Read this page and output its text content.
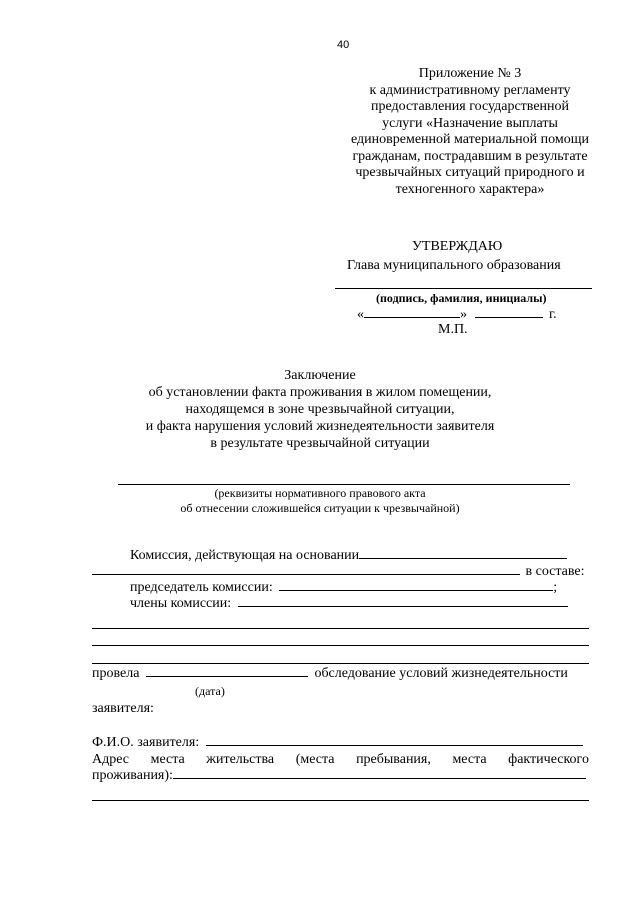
40
Приложение № 3
к административному регламенту
предоставления государственной
услуги «Назначение выплаты
единовременной материальной помощи
гражданам, пострадавшим в результате
чрезвычайных ситуаций природного и
техногенного характера»
УТВЕРЖДАЮ
Глава муниципального образования
(подпись, фамилия, инициалы)
«	»	г.
М.П.
Заключение
об установлении факта проживания в жилом помещении,
находящемся в зоне чрезвычайной ситуации,
и факта нарушения условий жизнедеятельности заявителя
в результате чрезвычайной ситуации
(реквизиты нормативного правового акта
об отнесении сложившейся ситуации к чрезвычайной)
Комиссия, действующая на основании
в составе:
председатель комиссии:	;
члены комиссии:
провела	обследование условий жизнедеятельности
(дата)
заявителя:
Ф.И.О. заявителя:
Адрес места жительства (места пребывания, места фактического
проживания):
